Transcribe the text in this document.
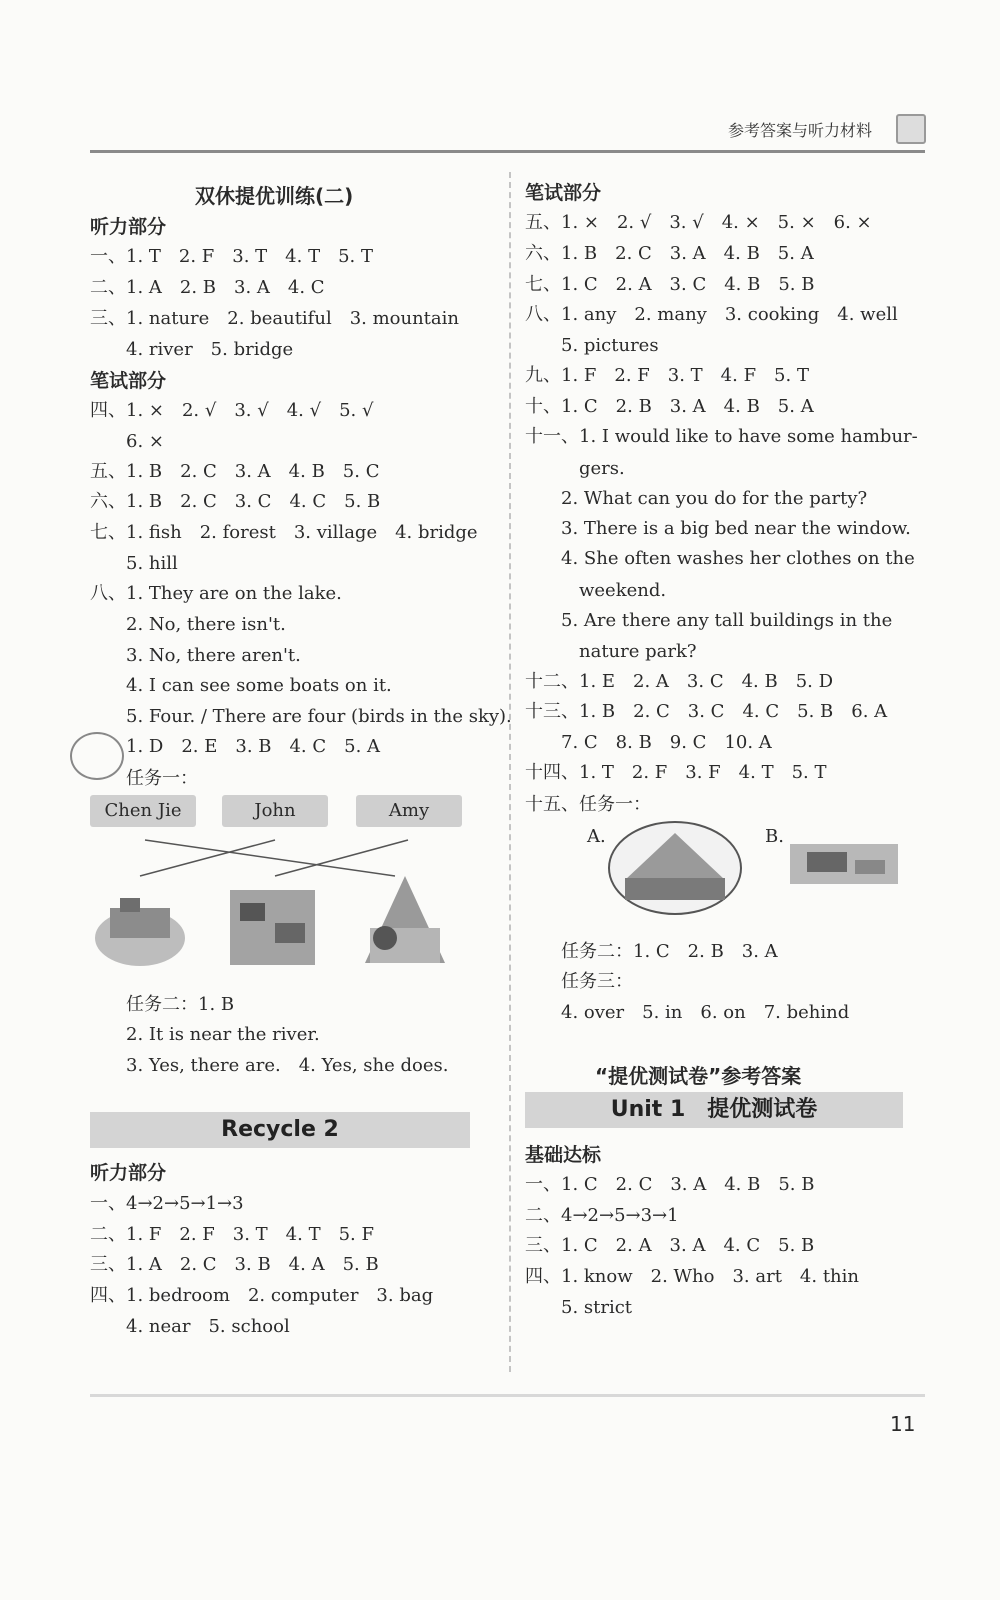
参考答案与听力材料
双休提优训练(二)
听力部分
一、1. T　2. F　3. T　4. T　5. T
二、1. A　2. B　3. A　4. C
三、1. nature　2. beautiful　3. mountain
　　4. river　5. bridge
笔试部分
四、1. ×　2. √　3. √　4. √　5. √
　　6. ×
五、1. B　2. C　3. A　4. B　5. C
六、1. B　2. C　3. C　4. C　5. B
七、1. fish　2. forest　3. village　4. bridge
　　5. hill
八、1. They are on the lake.
　　2. No, there isn't.
　　3. No, there aren't.
　　4. I can see some boats on it.
　　5. Four. / There are four (birds in the sky).
　　1. D　2. E　3. B　4. C　5. A
　　任务一：
Chen Jie	John	Amy
　　任务二：1. B
　　2. It is near the river.
　　3. Yes, there are.　4. Yes, she does.
Recycle 2
听力部分
一、4→2→5→1→3
二、1. F　2. F　3. T　4. T　5. F
三、1. A　2. C　3. B　4. A　5. B
四、1. bedroom　2. computer　3. bag
　　4. near　5. school
笔试部分
五、1. ×　2. √　3. √　4. ×　5. ×　6. ×
六、1. B　2. C　3. A　4. B　5. A
七、1. C　2. A　3. C　4. B　5. B
八、1. any　2. many　3. cooking　4. well
　　5. pictures
九、1. F　2. F　3. T　4. F　5. T
十、1. C　2. B　3. A　4. B　5. A
十一、1. I would like to have some hambur-
　　　gers.
　　2. What can you do for the party?
　　3. There is a big bed near the window.
　　4. She often washes her clothes on the
　　　weekend.
　　5. Are there any tall buildings in the
　　　nature park?
十二、1. E　2. A　3. C　4. B　5. D
十三、1. B　2. C　3. C　4. C　5. B　6. A
　　7. C　8. B　9. C　10. A
十四、1. T　2. F　3. F　4. T　5. T
十五、任务一：
A.	B.
　　任务二：1. C　2. B　3. A
　　任务三：
　　4. over　5. in　6. on　7. behind
“提优测试卷”参考答案
Unit 1　提优测试卷
基础达标
一、1. C　2. C　3. A　4. B　5. B
二、4→2→5→3→1
三、1. C　2. A　3. A　4. C　5. B
四、1. know　2. Who　3. art　4. thin
　　5. strict
11
